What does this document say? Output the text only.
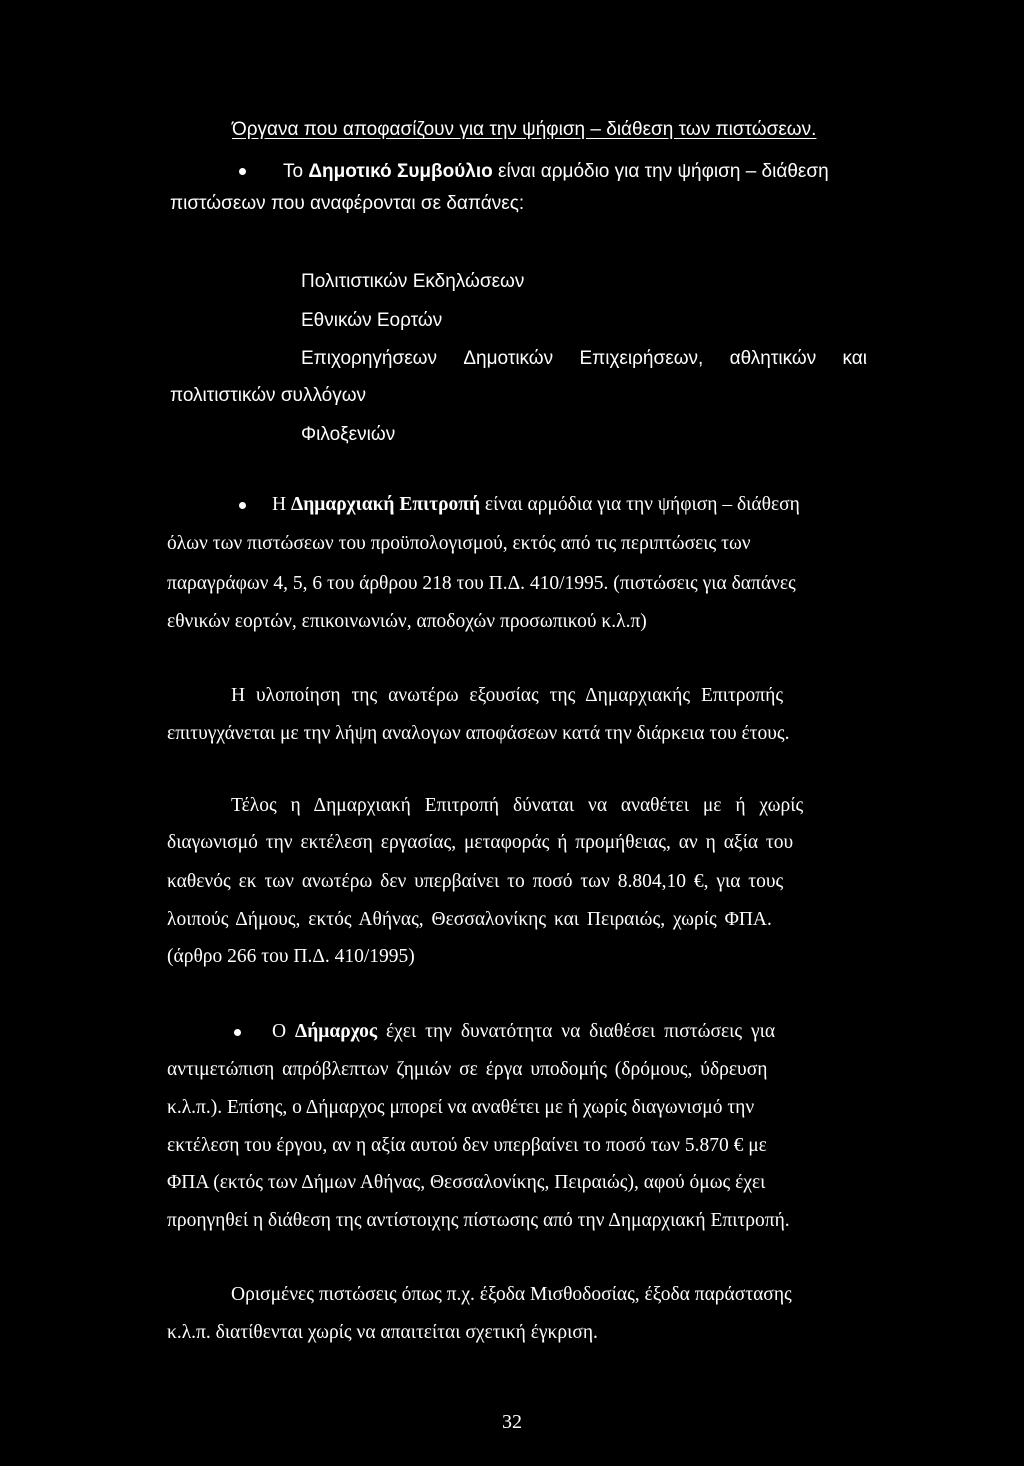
Όργανα που αποφασίζουν για την ψήφιση – διάθεση των πιστώσεων.
Το Δημοτικό Συμβούλιο είναι αρμόδιο για την ψήφιση – διάθεση
πιστώσεων που αναφέρονται σε δαπάνες:
Πολιτιστικών Εκδηλώσεων
Εθνικών Εορτών
Επιχορηγήσεων Δημοτικών Επιχειρήσεων, αθλητικών και
πολιτιστικών συλλόγων
Φιλοξενιών
Η Δημαρχιακή Επιτροπή είναι αρμόδια για την ψήφιση – διάθεση
όλων των πιστώσεων του προϋπολογισμού, εκτός από τις περιπτώσεις των
παραγράφων 4, 5, 6 του άρθρου 218 του Π.Δ. 410/1995. (πιστώσεις για δαπάνες
εθνικών εορτών, επικοινωνιών, αποδοχών προσωπικού κ.λ.π)
Η υλοποίηση της ανωτέρω εξουσίας της Δημαρχιακής Επιτροπής
επιτυγχάνεται με την λήψη αναλογων αποφάσεων κατά την διάρκεια του έτους.
Τέλος η Δημαρχιακή Επιτροπή δύναται να αναθέτει με ή χωρίς
διαγωνισμό την εκτέλεση εργασίας, μεταφοράς ή προμήθειας, αν η αξία του
καθενός εκ των ανωτέρω δεν υπερβαίνει το ποσό των 8.804,10 €, για τους
λοιπούς Δήμους, εκτός Αθήνας, Θεσσαλονίκης και Πειραιώς, χωρίς ΦΠΑ.
(άρθρο 266 του Π.Δ. 410/1995)
Ο Δήμαρχος έχει την δυνατότητα να διαθέσει πιστώσεις για
αντιμετώπιση απρόβλεπτων ζημιών σε έργα υποδομής (δρόμους, ύδρευση
κ.λ.π.). Επίσης, ο Δήμαρχος μπορεί να αναθέτει με ή χωρίς διαγωνισμό την
εκτέλεση του έργου, αν η αξία αυτού δεν υπερβαίνει το ποσό των 5.870 € με
ΦΠΑ (εκτός των Δήμων Αθήνας, Θεσσαλονίκης, Πειραιώς), αφού όμως έχει
προηγηθεί η διάθεση της αντίστοιχης πίστωσης από την Δημαρχιακή Επιτροπή.
Ορισμένες πιστώσεις όπως π.χ. έξοδα Μισθοδοσίας, έξοδα παράστασης
κ.λ.π. διατίθενται χωρίς να απαιτείται σχετική έγκριση.
32
